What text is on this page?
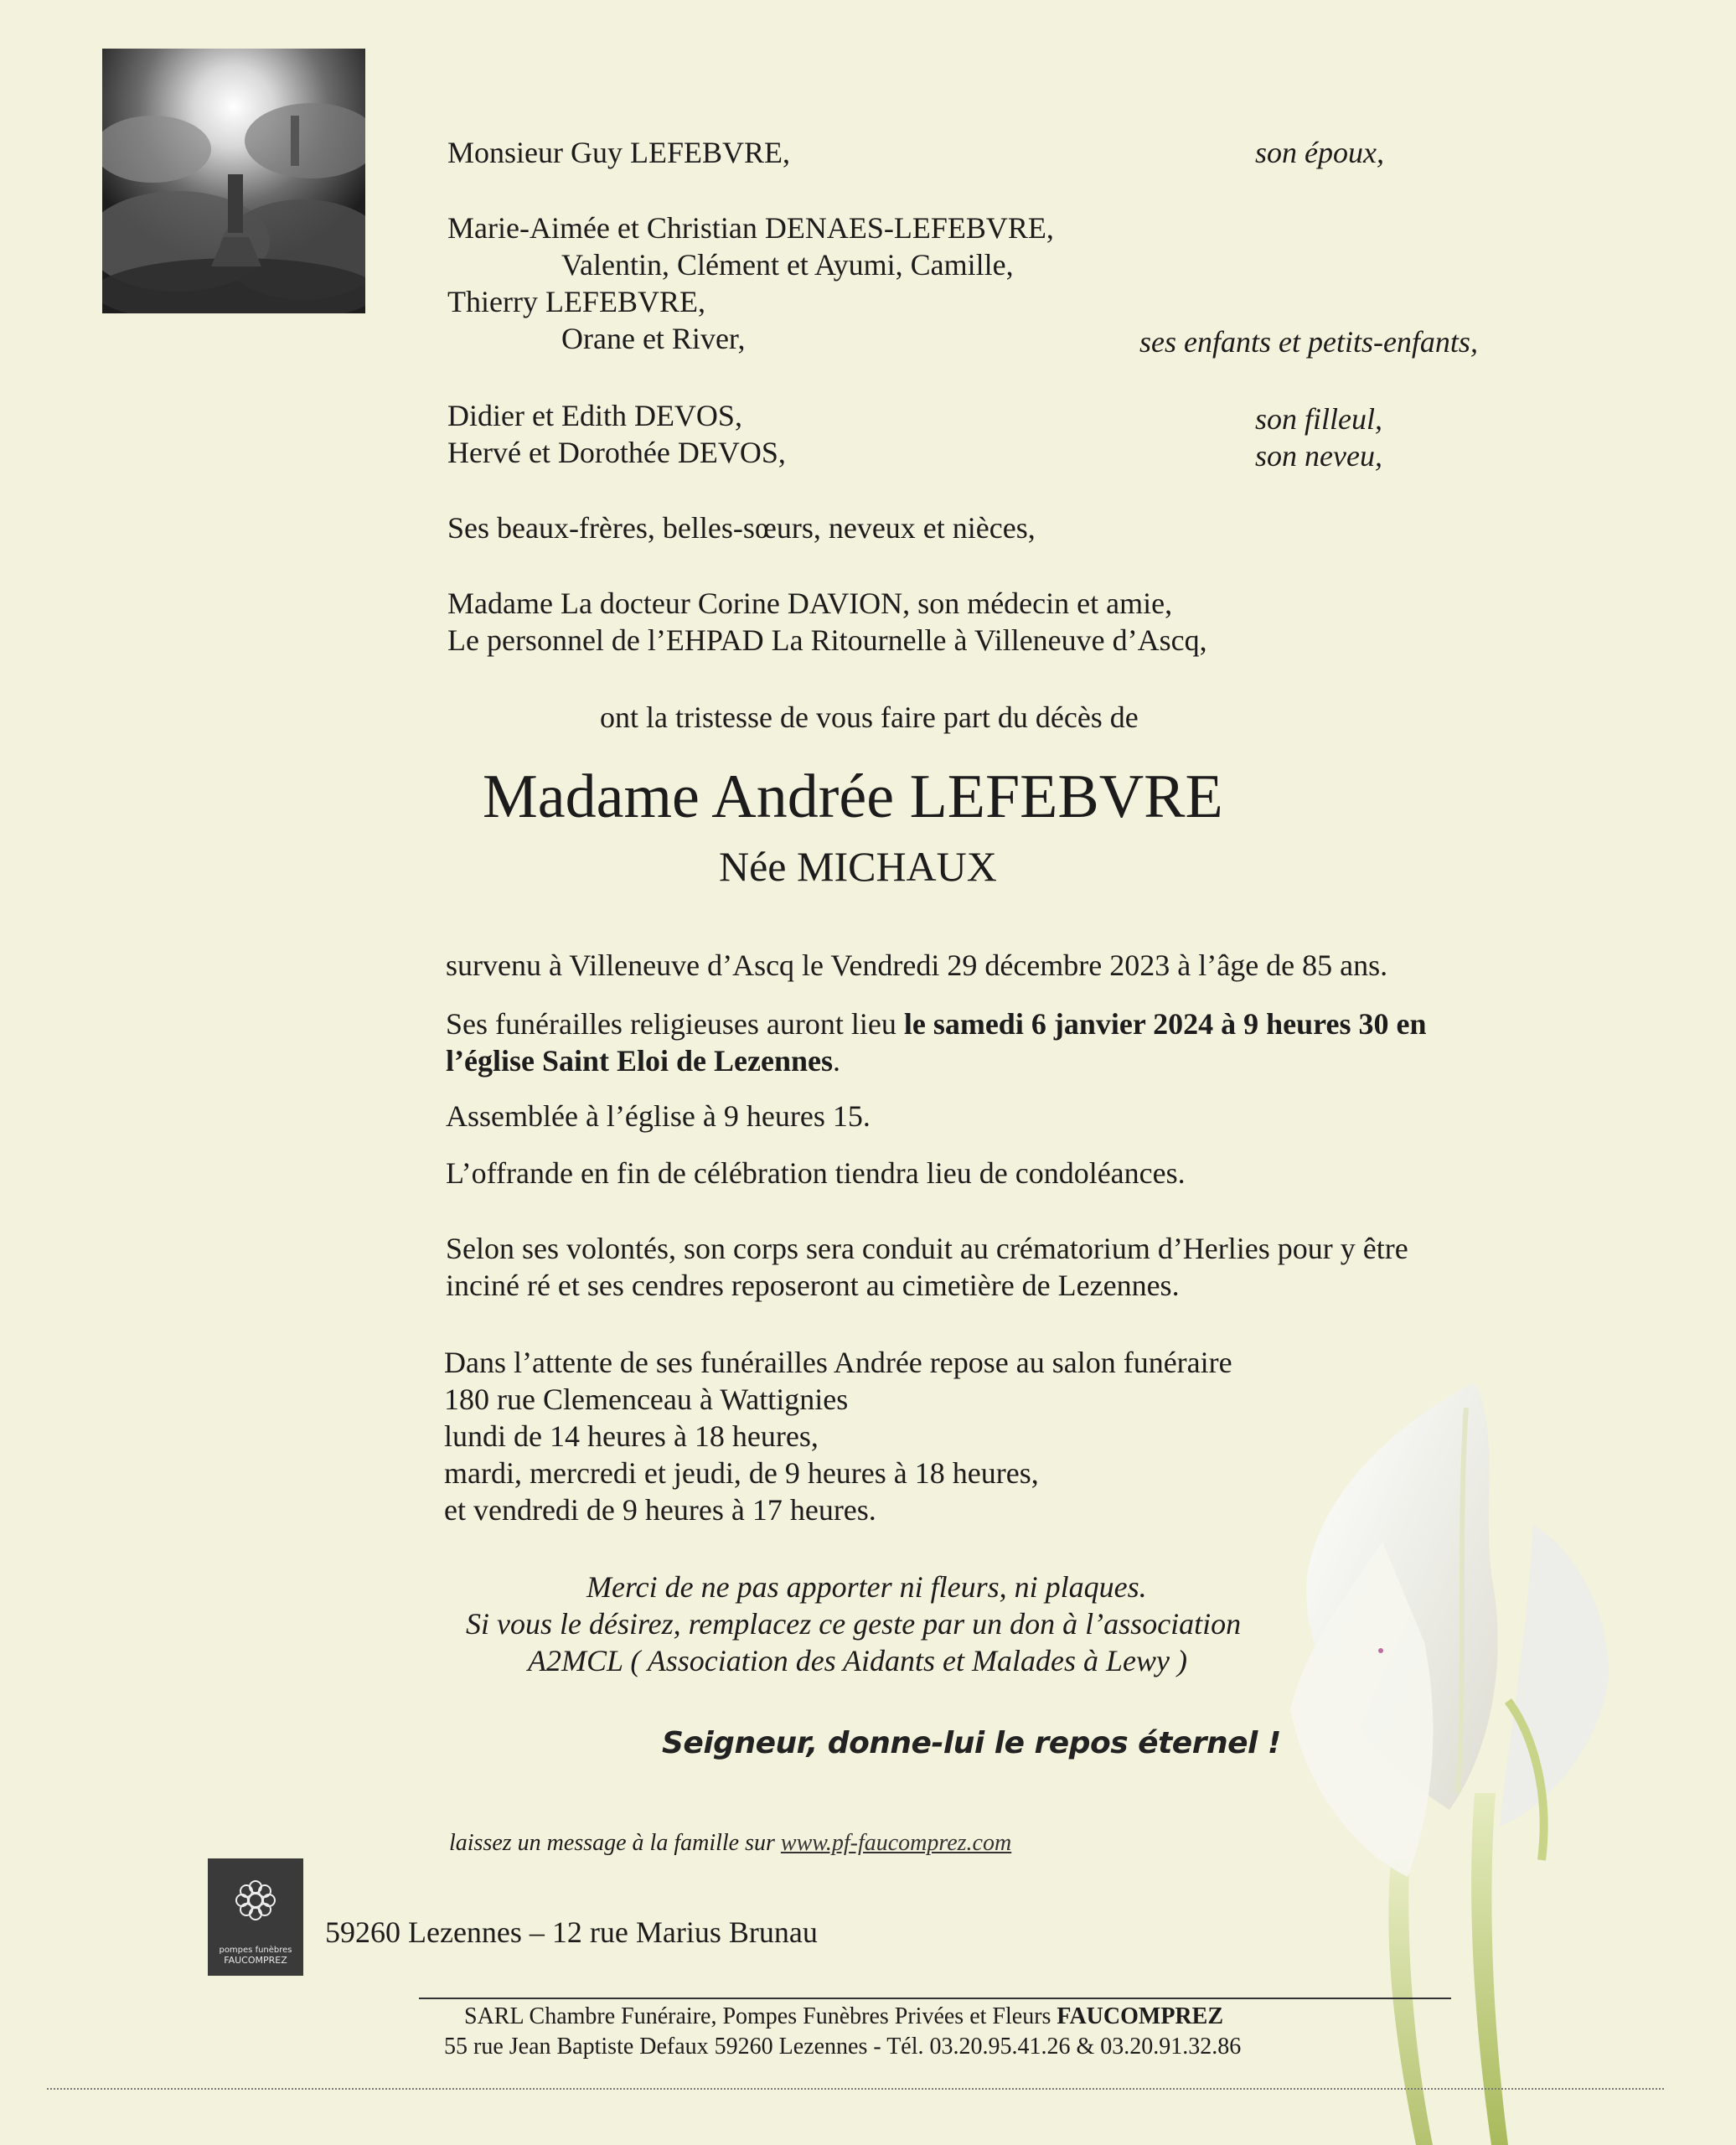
Monsieur Guy LEFEBVRE,	son époux,
Marie-Aimée et Christian DENAES-LEFEBVRE,
Valentin, Clément et Ayumi, Camille,
Thierry LEFEBVRE,
Orane et River,	ses enfants et petits-enfants,
Didier et Edith DEVOS,	son filleul,
Hervé et Dorothée DEVOS,	son neveu,
Ses beaux-frères, belles-sœurs, neveux et nièces,
Madame La docteur Corine DAVION, son médecin et amie,
Le personnel de l’EHPAD La Ritournelle à Villeneuve d’Ascq,
ont la tristesse de vous faire part du décès de
Madame Andrée LEFEBVRE
Née MICHAUX
survenu à Villeneuve d’Ascq le Vendredi 29 décembre 2023 à l’âge de 85 ans.
Ses funérailles religieuses auront lieu le samedi 6 janvier 2024 à 9 heures 30 en
l’église Saint Eloi de Lezennes.
Assemblée à l’église à 9 heures 15.
L’offrande en fin de célébration tiendra lieu de condoléances.
Selon ses volontés, son corps sera conduit au crématorium d’Herlies pour y être
inciné ré et ses cendres reposeront au cimetière de Lezennes.
Dans l’attente de ses funérailles Andrée repose au salon funéraire
180 rue Clemenceau à Wattignies
lundi de 14 heures à 18 heures,
mardi, mercredi et jeudi, de 9 heures à 18 heures,
et vendredi de 9 heures à 17 heures.
Merci de ne pas apporter ni fleurs, ni plaques.
Si vous le désirez, remplacez ce geste par un don à l’association
A2MCL ( Association des Aidants et Malades à Lewy )
Seigneur, donne-lui le repos éternel !
laissez un message à la famille sur www.pf-faucomprez.com
pompes funèbres
FAUCOMPREZ
59260 Lezennes – 12 rue Marius Brunau
SARL Chambre Funéraire, Pompes Funèbres Privées et Fleurs FAUCOMPREZ
55 rue Jean Baptiste Defaux 59260 Lezennes - Tél. 03.20.95.41.26 & 03.20.91.32.86
